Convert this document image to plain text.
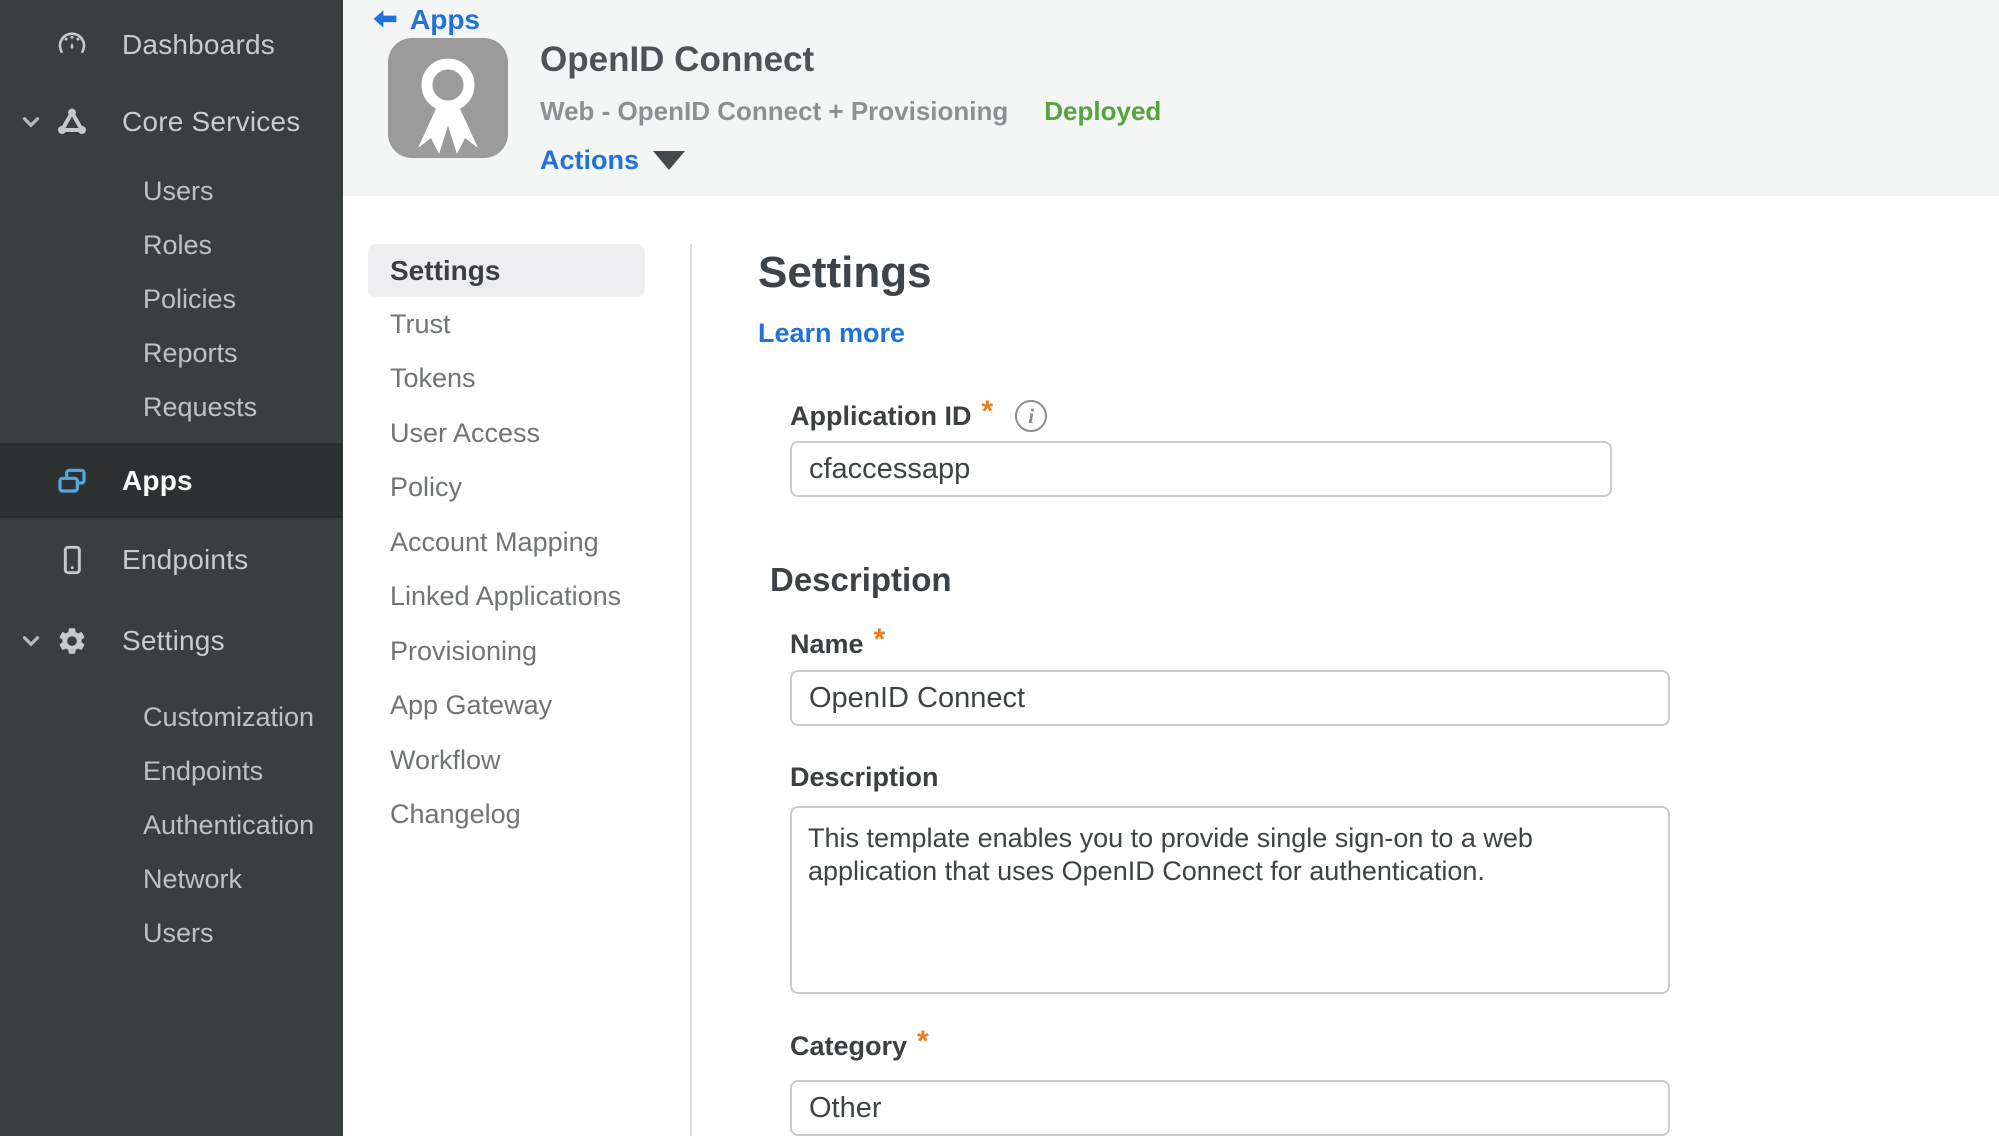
Dashboards
Core Services
Users
Roles
Policies
Reports
Requests
Apps
Endpoints
Settings
Customization
Endpoints
Authentication
Network
Users
Apps
OpenID Connect
Web - OpenID Connect + Provisioning Deployed
Actions
Settings
Trust
Tokens
User Access
Policy
Account Mapping
Linked Applications
Provisioning
App Gateway
Workflow
Changelog
Settings
Learn more
Application ID *	i
cfaccessapp
Description
Name *
OpenID Connect
Description
This template enables you to provide single sign-on to a web application that uses OpenID Connect for authentication.
Category *
Other
